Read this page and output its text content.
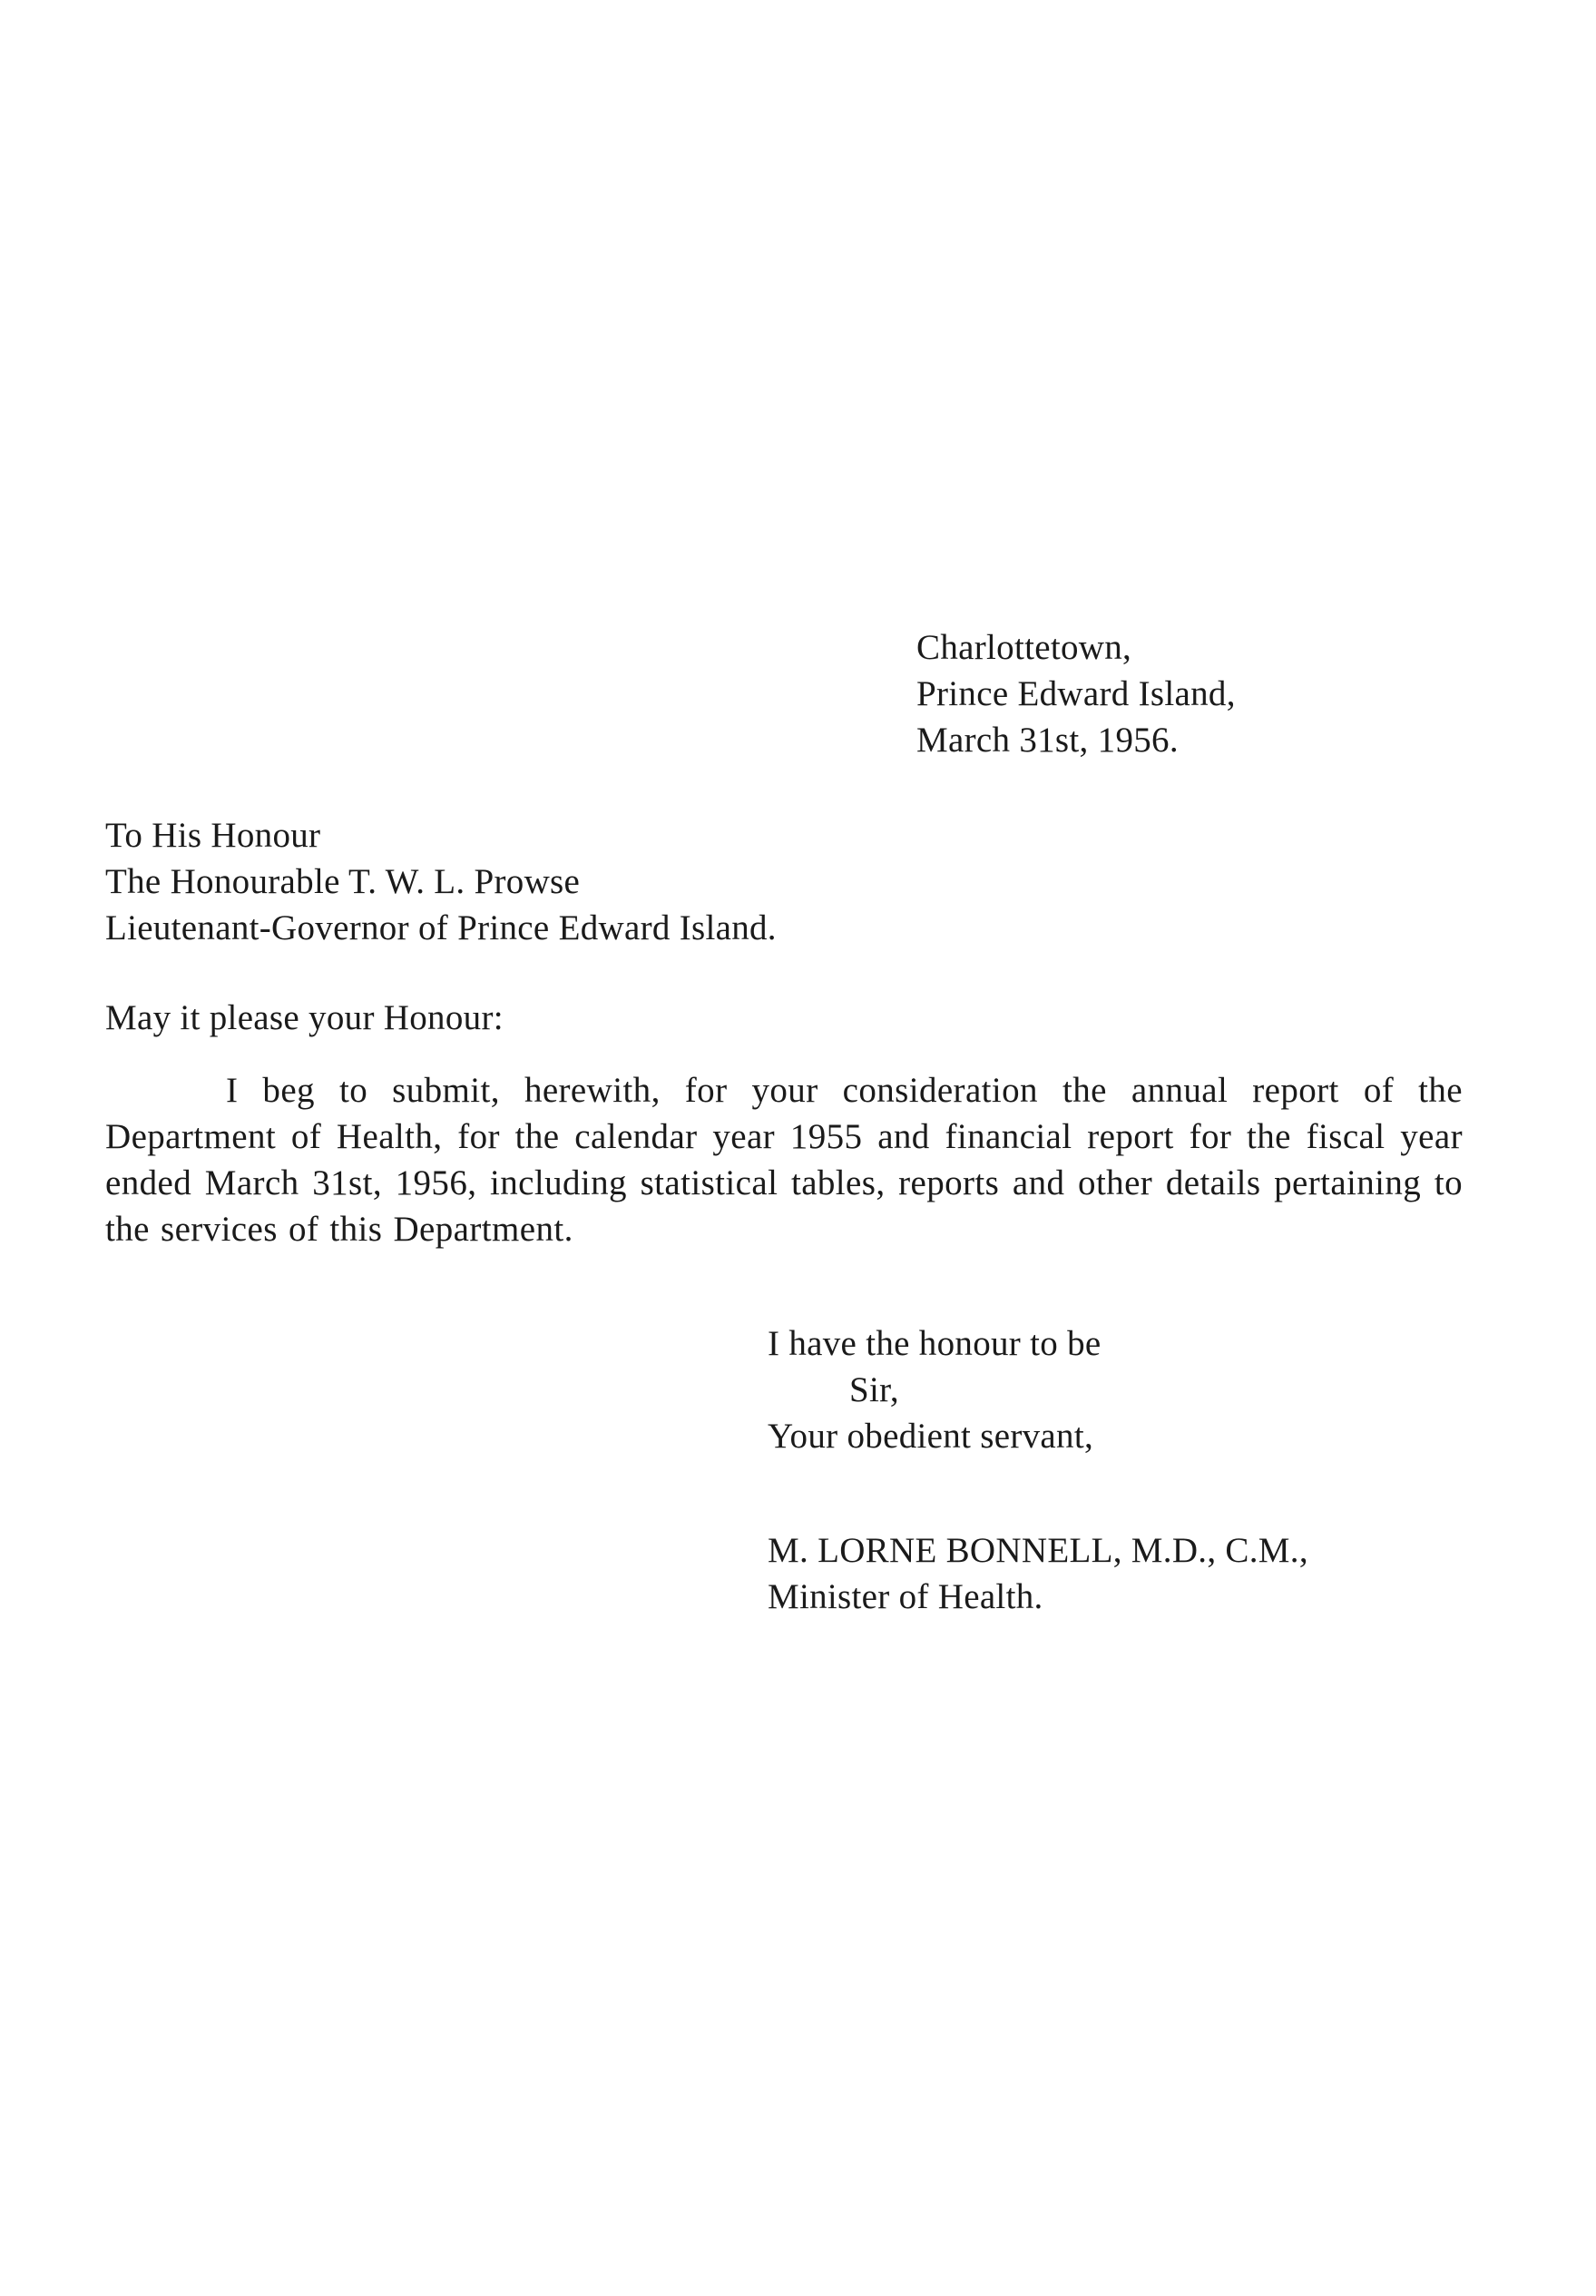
Charlottetown,
Prince Edward Island,
March 31st, 1956.
To His Honour
The Honourable T. W. L. Prowse
Lieutenant-Governor of Prince Edward Island.
May it please your Honour:

I beg to submit, herewith, for your consideration the annual report of the Department of Health, for the calendar year 1955 and financial report for the fiscal year ended March 31st, 1956, including statistical tables, reports and other details pertaining to the services of this Department.

I have the honour to be
Sir,
Your obedient servant,
M. LORNE BONNELL, M.D., C.M.,
Minister of Health.
